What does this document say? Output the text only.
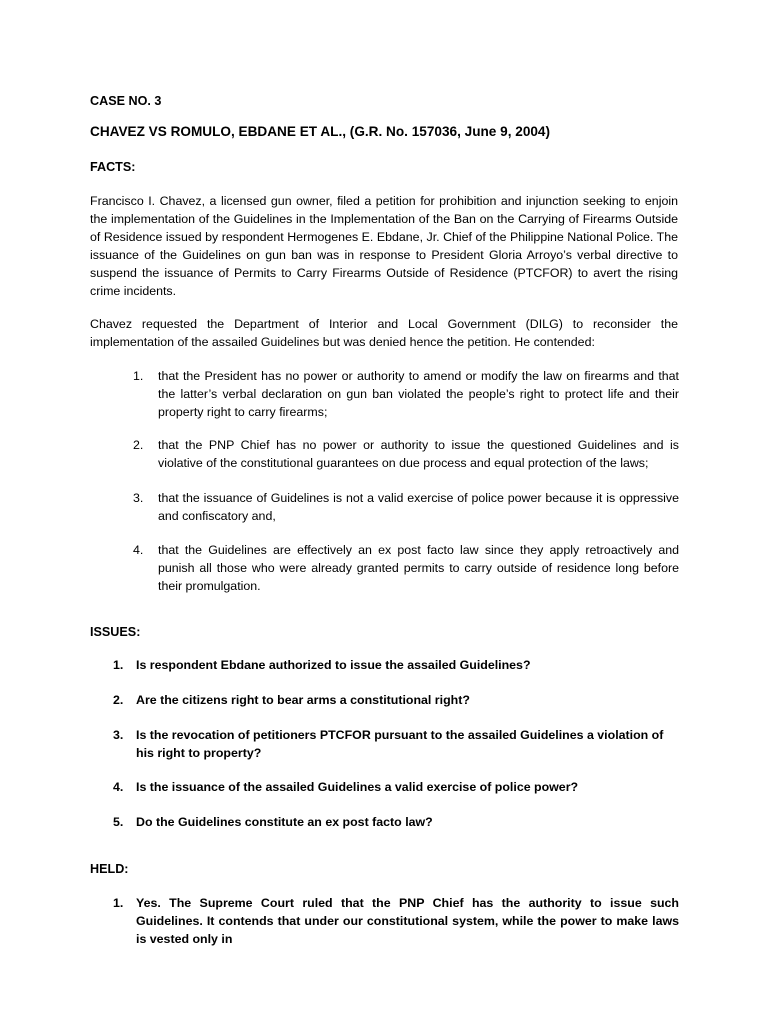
CASE NO. 3

CHAVEZ VS ROMULO, EBDANE ET AL., (G.R. No. 157036, June 9, 2004)

FACTS:

Francisco I. Chavez, a licensed gun owner, filed a petition for prohibition and injunction seeking to enjoin the implementation of the Guidelines in the Implementation of the Ban on the Carrying of Firearms Outside of Residence issued by respondent Hermogenes E. Ebdane, Jr. Chief of the Philippine National Police. The issuance of the Guidelines on gun ban was in response to President Gloria Arroyo’s verbal directive to suspend the issuance of Permits to Carry Firearms Outside of Residence (PTCFOR) to avert the rising crime incidents.

Chavez requested the Department of Interior and Local Government (DILG) to reconsider the implementation of the assailed Guidelines but was denied hence the petition. He contended:

1. that the President has no power or authority to amend or modify the law on firearms and that the latter’s verbal declaration on gun ban violated the people’s right to protect life and their property right to carry firearms;
2. that the PNP Chief has no power or authority to issue the questioned Guidelines and is violative of the constitutional guarantees on due process and equal protection of the laws;
3. that the issuance of Guidelines is not a valid exercise of police power because it is oppressive and confiscatory and,
4. that the Guidelines are effectively an ex post facto law since they apply retroactively and punish all those who were already granted permits to carry outside of residence long before their promulgation.

ISSUES:

1. Is respondent Ebdane authorized to issue the assailed Guidelines?
2. Are the citizens right to bear arms a constitutional right?
3. Is the revocation of petitioners PTCFOR pursuant to the assailed Guidelines a violation of his right to property?
4. Is the issuance of the assailed Guidelines a valid exercise of police power?
5. Do the Guidelines constitute an ex post facto law?

HELD:

1. Yes. The Supreme Court ruled that the PNP Chief has the authority to issue such Guidelines. It contends that under our constitutional system, while the power to make laws is vested only in
